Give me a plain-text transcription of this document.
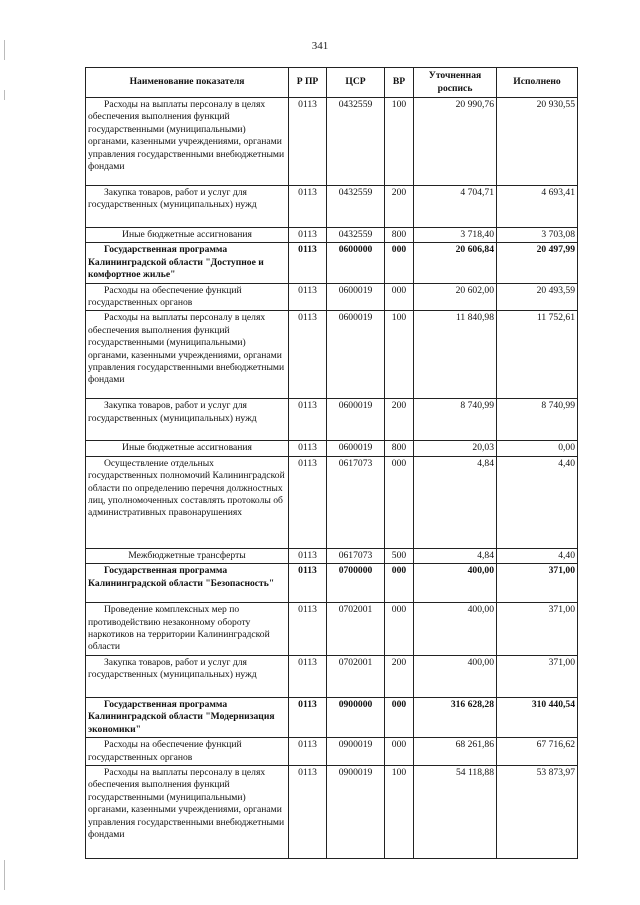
341
Наименование показателя	Р ПР	ЦСР	ВР	Уточненная роспись	Исполнено

Расходы на выплаты персоналу в целях обеспечения выполнения функций государственными (муниципальными) органами, казенными учреждениями, органами управления государственными внебюджетными фондами	0113	0432559	100	20 990,76	20 930,55

Закупка товаров, работ и услуг для государственных (муниципальных) нужд	0113	0432559	200	4 704,71	4 693,41

Иные бюджетные ассигнования	0113	0432559	800	3 718,40	3 703,08

Государственная программа Калининградской области "Доступное и комфортное жилье"	0113	0600000	000	20 606,84	20 497,99

Расходы на обеспечение функций государственных органов	0113	0600019	000	20 602,00	20 493,59

Расходы на выплаты персоналу в целях обеспечения выполнения функций государственными (муниципальными) органами, казенными учреждениями, органами управления государственными внебюджетными фондами	0113	0600019	100	11 840,98	11 752,61

Закупка товаров, работ и услуг для государственных (муниципальных) нужд	0113	0600019	200	8 740,99	8 740,99

Иные бюджетные ассигнования	0113	0600019	800	20,03	0,00

Осуществление отдельных государственных полномочий Калининградской области по определению перечня должностных лиц, уполномоченных составлять протоколы об административных правонарушениях	0113	0617073	000	4,84	4,40

Межбюджетные трансферты	0113	0617073	500	4,84	4,40

Государственная программа Калининградской области "Безопасность"	0113	0700000	000	400,00	371,00

Проведение комплексных мер по противодействию незаконному обороту наркотиков на территории Калининградской области	0113	0702001	000	400,00	371,00

Закупка товаров, работ и услуг для государственных (муниципальных) нужд	0113	0702001	200	400,00	371,00

Государственная программа Калининградской области "Модернизация экономики"	0113	0900000	000	316 628,28	310 440,54

Расходы на обеспечение функций государственных органов	0113	0900019	000	68 261,86	67 716,62

Расходы на выплаты персоналу в целях обеспечения выполнения функций государственными (муниципальными) органами, казенными учреждениями, органами управления государственными внебюджетными фондами	0113	0900019	100	54 118,88	53 873,97
